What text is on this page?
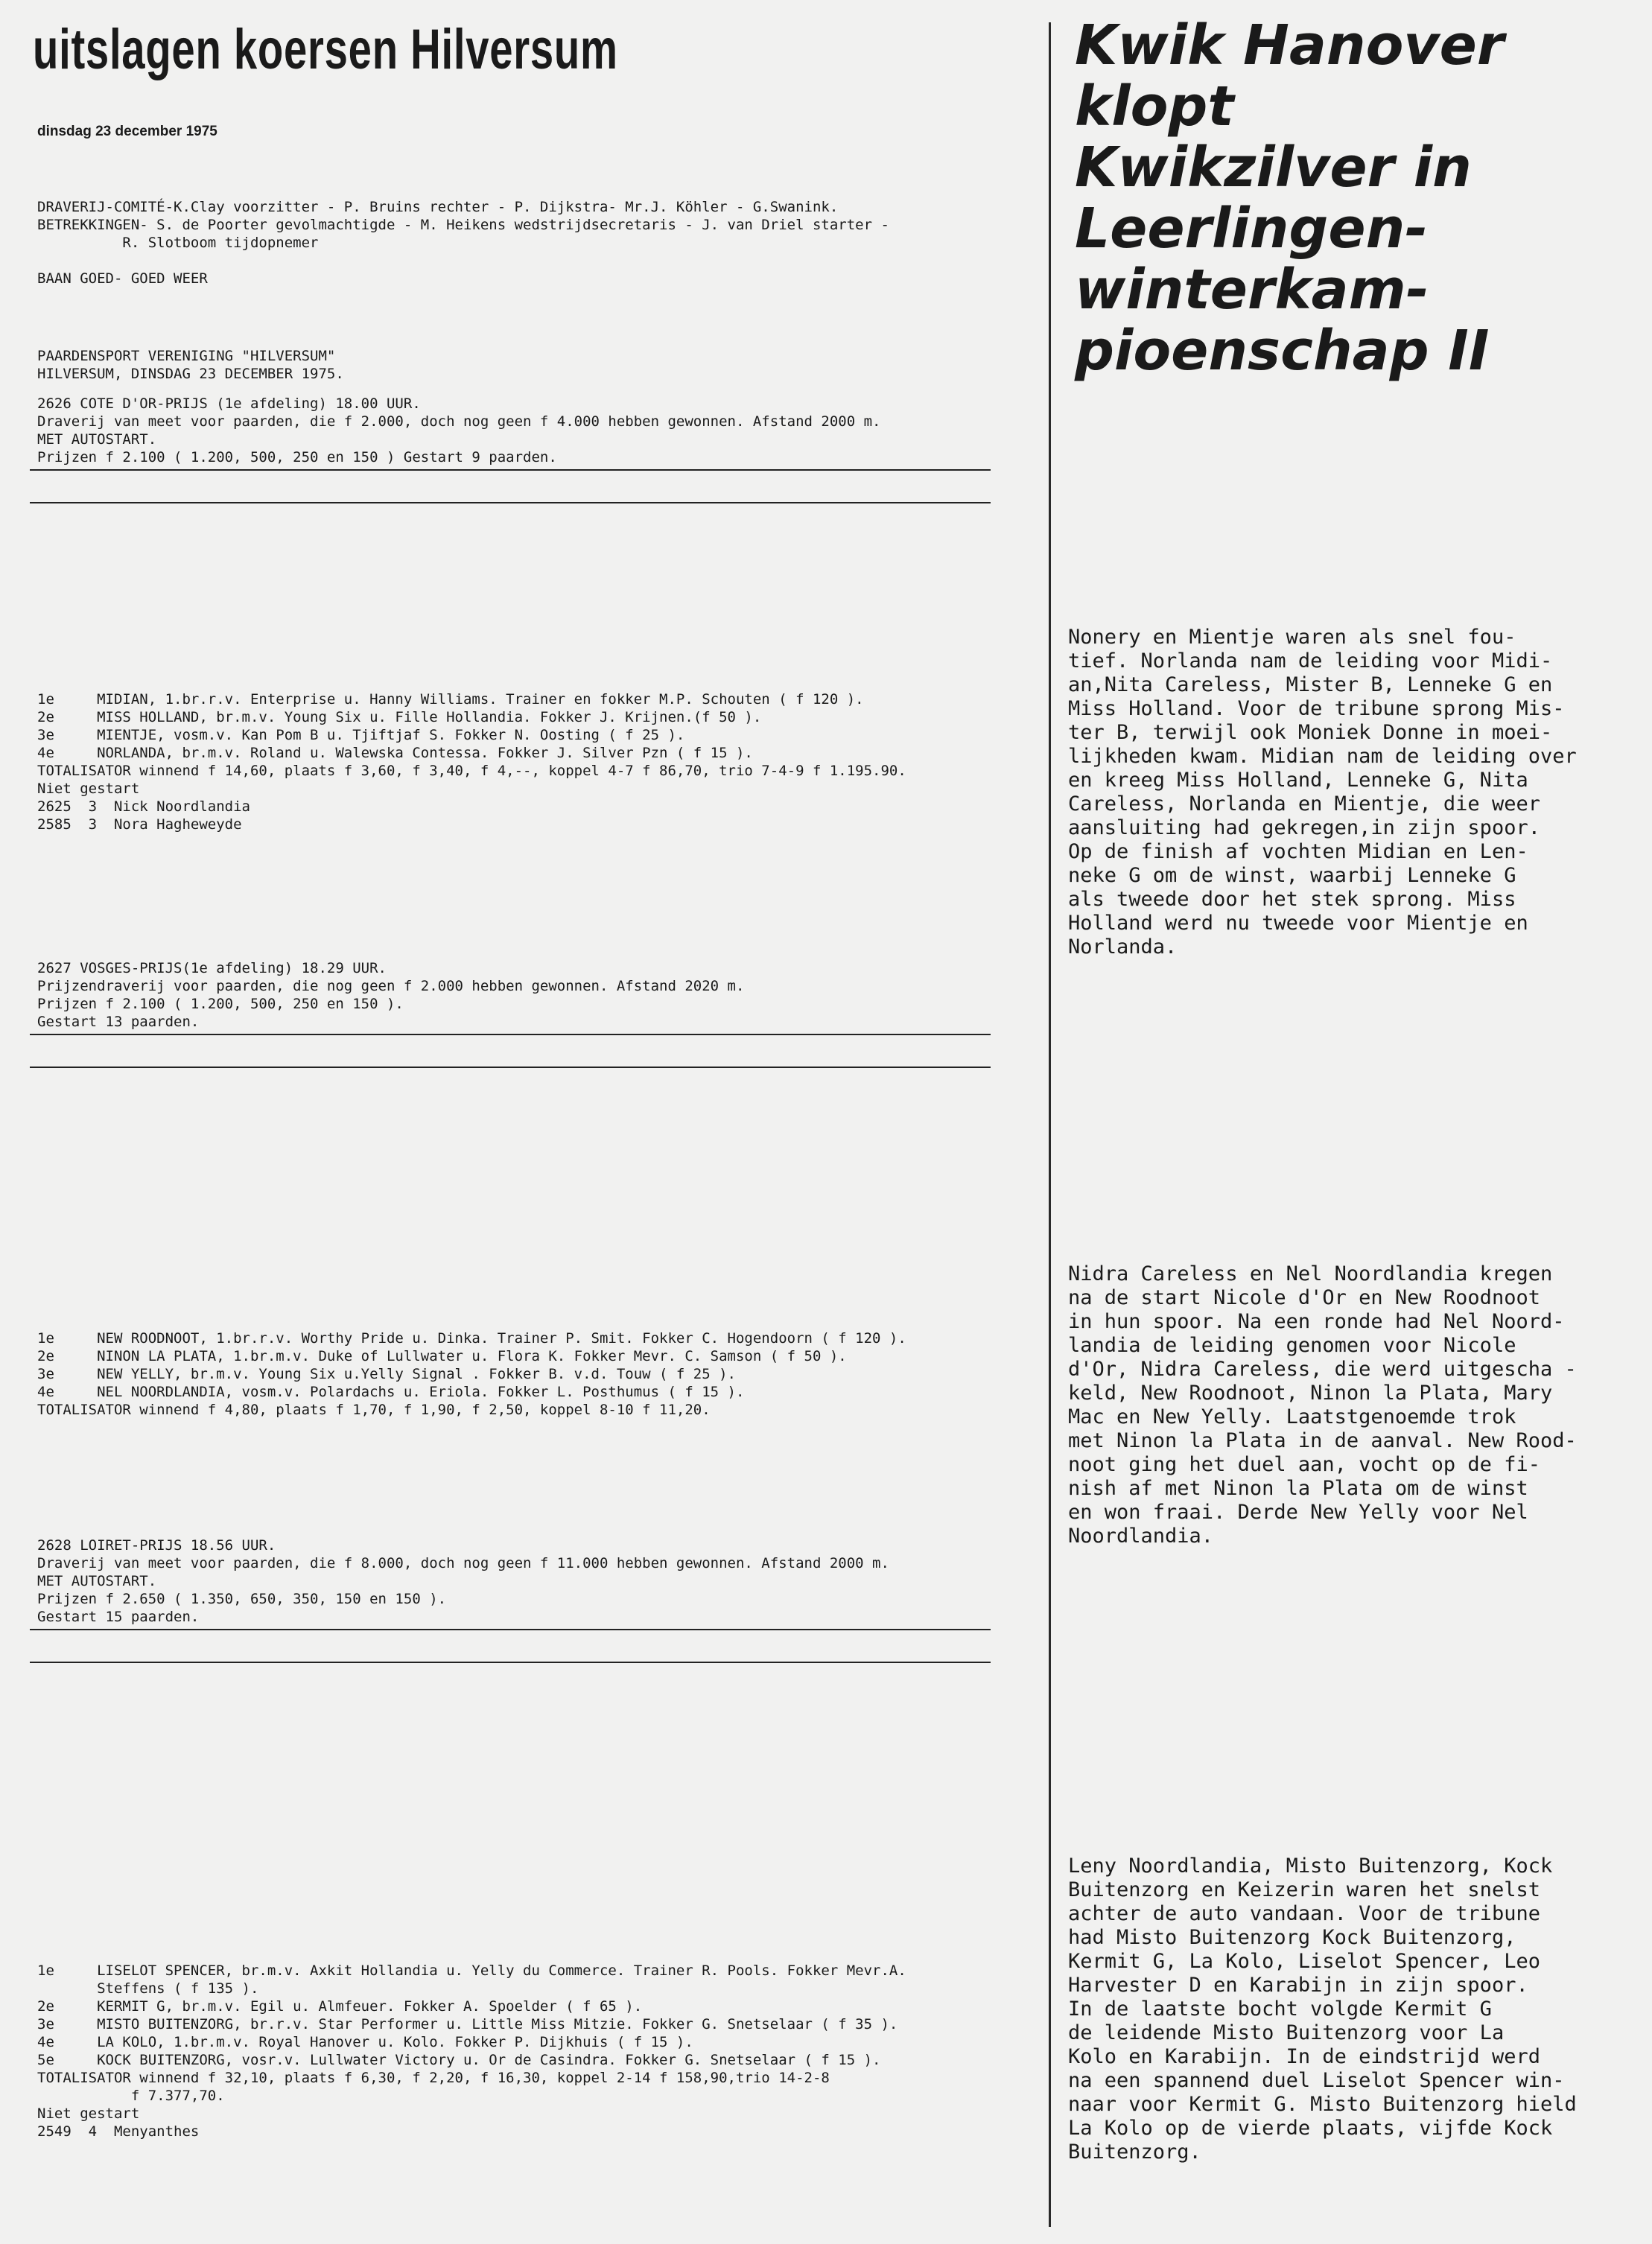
uitslagen koersen Hilversum
dinsdag 23 december 1975
DRAVERIJ-COMITÉ-K.Clay voorzitter - P. Bruins rechter - P. Dijkstra- Mr.J. Köhler - G.Swanink.
BETREKKINGEN- S. de Poorter gevolmachtigde - M. Heikens wedstrijdsecretaris - J. van Driel starter -
R. Slotboom tijdopnemer
BAAN GOED- GOED WEER
PAARDENSPORT VERENIGING "HILVERSUM"
HILVERSUM, DINSDAG 23 DECEMBER 1975.
2626 COTE D'OR-PRIJS (1e afdeling) 18.00 UUR.
Draverij van meet voor paarden, die f 2.000, doch nog geen f 4.000 hebben gewonnen. Afstand 2000 m.
MET AUTOSTART.
Prijzen f 2.100 ( 1.200, 500, 250 en 150 ) Gestart 9 paarden.
1e     MIDIAN, 1.br.r.v. Enterprise u. Hanny Williams. Trainer en fokker M.P. Schouten ( f 120 ).
2e     MISS HOLLAND, br.m.v. Young Six u. Fille Hollandia. Fokker J. Krijnen.(f 50 ).
3e     MIENTJE, vosm.v. Kan Pom B u. Tjiftjaf S. Fokker N. Oosting ( f 25 ).
4e     NORLANDA, br.m.v. Roland u. Walewska Contessa. Fokker J. Silver Pzn ( f 15 ).
TOTALISATOR winnend f 14,60, plaats f 3,60, f 3,40, f 4,--, koppel 4-7 f 86,70, trio 7-4-9 f 1.195.90.
Niet gestart
2625  3  Nick Noordlandia
2585  3  Nora Hagheweyde
2627 VOSGES-PRIJS(1e afdeling) 18.29 UUR.
Prijzendraverij voor paarden, die nog geen f 2.000 hebben gewonnen. Afstand 2020 m.
Prijzen f 2.100 ( 1.200, 500, 250 en 150 ).
Gestart 13 paarden.
1e     NEW ROODNOOT, 1.br.r.v. Worthy Pride u. Dinka. Trainer P. Smit. Fokker C. Hogendoorn ( f 120 ).
2e     NINON LA PLATA, 1.br.m.v. Duke of Lullwater u. Flora K. Fokker Mevr. C. Samson ( f 50 ).
3e     NEW YELLY, br.m.v. Young Six u.Yelly Signal . Fokker B. v.d. Touw ( f 25 ).
4e     NEL NOORDLANDIA, vosm.v. Polardachs u. Eriola. Fokker L. Posthumus ( f 15 ).
TOTALISATOR winnend f 4,80, plaats f 1,70, f 1,90, f 2,50, koppel 8-10 f 11,20.
2628 LOIRET-PRIJS 18.56 UUR.
Draverij van meet voor paarden, die f 8.000, doch nog geen f 11.000 hebben gewonnen. Afstand 2000 m.
MET AUTOSTART.
Prijzen f 2.650 ( 1.350, 650, 350, 150 en 150 ).
Gestart 15 paarden.
1e     LISELOT SPENCER, br.m.v. Axkit Hollandia u. Yelly du Commerce. Trainer R. Pools. Fokker Mevr.A.
Steffens ( f 135 ).
2e     KERMIT G, br.m.v. Egil u. Almfeuer. Fokker A. Spoelder ( f 65 ).
3e     MISTO BUITENZORG, br.r.v. Star Performer u. Little Miss Mitzie. Fokker G. Snetselaar ( f 35 ).
4e     LA KOLO, 1.br.m.v. Royal Hanover u. Kolo. Fokker P. Dijkhuis ( f 15 ).
5e     KOCK BUITENZORG, vosr.v. Lullwater Victory u. Or de Casindra. Fokker G. Snetselaar ( f 15 ).
TOTALISATOR winnend f 32,10, plaats f 6,30, f 2,20, f 16,30, koppel 2-14 f 158,90,trio 14-2-8
f 7.377,70.
Niet gestart
2549  4  Menyanthes
Kwik Hanover
klopt
Kwikzilver in
Leerlingen-
winterkam-
pioenschap II
Nonery en Mientje waren als snel fou-
tief. Norlanda nam de leiding voor Midi-
an,Nita Careless, Mister B, Lenneke G en
Miss Holland. Voor de tribune sprong Mis-
ter B, terwijl ook Moniek Donne in moei-
lijkheden kwam. Midian nam de leiding over
en kreeg Miss Holland, Lenneke G, Nita
Careless, Norlanda en Mientje, die weer
aansluiting had gekregen,in zijn spoor.
Op de finish af vochten Midian en Len-
neke G om de winst, waarbij Lenneke G
als tweede door het stek sprong. Miss
Holland werd nu tweede voor Mientje en
Norlanda.
Nidra Careless en Nel Noordlandia kregen
na de start Nicole d'Or en New Roodnoot
in hun spoor. Na een ronde had Nel Noord-
landia de leiding genomen voor Nicole
d'Or, Nidra Careless, die werd uitgescha -
keld, New Roodnoot, Ninon la Plata, Mary
Mac en New Yelly. Laatstgenoemde trok
met Ninon la Plata in de aanval. New Rood-
noot ging het duel aan, vocht op de fi-
nish af met Ninon la Plata om de winst
en won fraai. Derde New Yelly voor Nel
Noordlandia.
Leny Noordlandia, Misto Buitenzorg, Kock
Buitenzorg en Keizerin waren het snelst
achter de auto vandaan. Voor de tribune
had Misto Buitenzorg Kock Buitenzorg,
Kermit G, La Kolo, Liselot Spencer, Leo
Harvester D en Karabijn in zijn spoor.
In de laatste bocht volgde Kermit G
de leidende Misto Buitenzorg voor La
Kolo en Karabijn. In de eindstrijd werd
na een spannend duel Liselot Spencer win-
naar voor Kermit G. Misto Buitenzorg hield
La Kolo op de vierde plaats, vijfde Kock
Buitenzorg.
